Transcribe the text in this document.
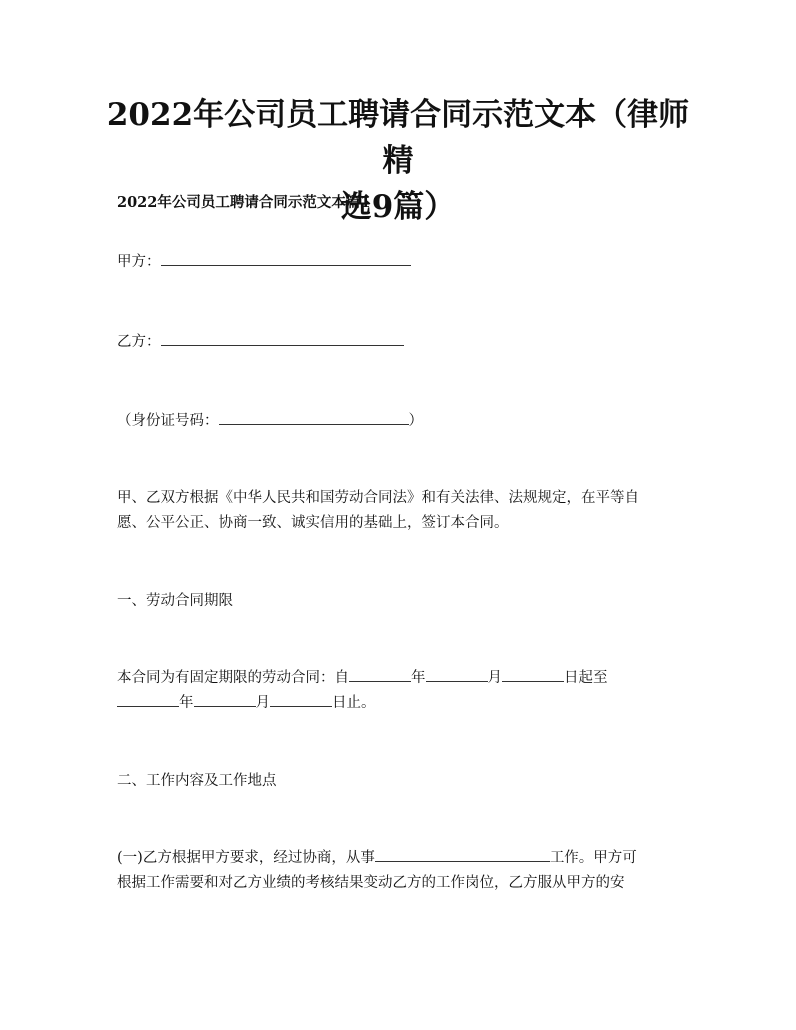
2022年公司员工聘请合同示范文本（律师精
选9篇）
2022年公司员工聘请合同示范文本篇1
甲方：
乙方：
（身份证号码：	）
甲、乙双方根据《中华人民共和国劳动合同法》和有关法律、法规规定，在平等自
愿、公平公正、协商一致、诚实信用的基础上，签订本合同。
一、劳动合同期限
本合同为有固定期限的劳动合同：自	年	月	日起至
年	月	日止。
二、工作内容及工作地点
(一)乙方根据甲方要求，经过协商，从事	工作。甲方可
根据工作需要和对乙方业绩的考核结果变动乙方的工作岗位，乙方服从甲方的安
